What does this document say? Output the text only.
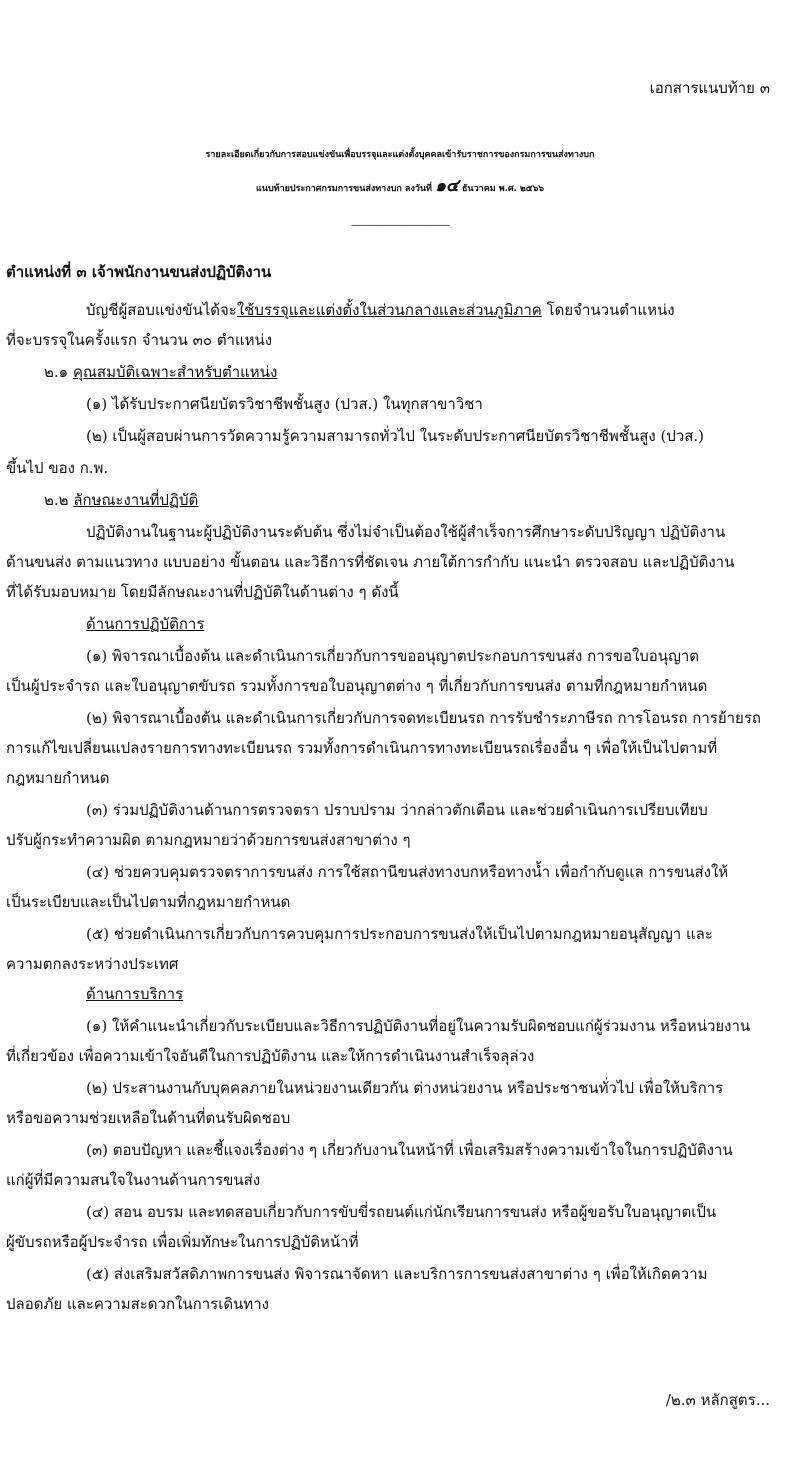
เอกสารแนบท้าย ๓
รายละเอียดเกี่ยวกับการสอบแข่งขันเพื่อบรรจุและแต่งตั้งบุคคลเข้ารับราชการของกรมการขนส่งทางบก
แนบท้ายประกาศกรมการขนส่งทางบก ลงวันที่ ๑๔ ธันวาคม พ.ศ. ๒๕๖๖
------------------------------------------------
ตำแหน่งที่ ๓ เจ้าพนักงานขนส่งปฏิบัติงาน
บัญชีผู้สอบแข่งขันได้จะใช้บรรจุและแต่งตั้งในส่วนกลางและส่วนภูมิภาค โดยจำนวนตำแหน่ง
ที่จะบรรจุในครั้งแรก จำนวน ๓๐ ตำแหน่ง
๒.๑ คุณสมบัติเฉพาะสำหรับตำแหน่ง
(๑) ได้รับประกาศนียบัตรวิชาชีพชั้นสูง (ปวส.) ในทุกสาขาวิชา
(๒) เป็นผู้สอบผ่านการวัดความรู้ความสามารถทั่วไป ในระดับประกาศนียบัตรวิชาชีพชั้นสูง (ปวส.)
ขึ้นไป ของ ก.พ.
๒.๒ ลักษณะงานที่ปฏิบัติ
ปฏิบัติงานในฐานะผู้ปฏิบัติงานระดับต้น ซึ่งไม่จำเป็นต้องใช้ผู้สำเร็จการศึกษาระดับปริญญา ปฏิบัติงาน
ด้านขนส่ง ตามแนวทาง แบบอย่าง ขั้นตอน และวิธีการที่ชัดเจน ภายใต้การกำกับ แนะนำ ตรวจสอบ และปฏิบัติงาน
ที่ได้รับมอบหมาย โดยมีลักษณะงานที่ปฏิบัติในด้านต่าง ๆ ดังนี้
ด้านการปฏิบัติการ
(๑) พิจารณาเบื้องต้น และดำเนินการเกี่ยวกับการขออนุญาตประกอบการขนส่ง การขอใบอนุญาต
เป็นผู้ประจำรถ และใบอนุญาตขับรถ รวมทั้งการขอใบอนุญาตต่าง ๆ ที่เกี่ยวกับการขนส่ง ตามที่กฎหมายกำหนด
(๒) พิจารณาเบื้องต้น และดำเนินการเกี่ยวกับการจดทะเบียนรถ การรับชำระภาษีรถ การโอนรถ การย้ายรถ
การแก้ไขเปลี่ยนแปลงรายการทางทะเบียนรถ รวมทั้งการดำเนินการทางทะเบียนรถเรื่องอื่น ๆ เพื่อให้เป็นไปตามที่
กฎหมายกำหนด
(๓) ร่วมปฏิบัติงานด้านการตรวจตรา ปราบปราม ว่ากล่าวตักเตือน และช่วยดำเนินการเปรียบเทียบ
ปรับผู้กระทำความผิด ตามกฎหมายว่าด้วยการขนส่งสาขาต่าง ๆ
(๔) ช่วยควบคุมตรวจตราการขนส่ง การใช้สถานีขนส่งทางบกหรือทางน้ำ เพื่อกำกับดูแล การขนส่งให้
เป็นระเบียบและเป็นไปตามที่กฎหมายกำหนด
(๕) ช่วยดำเนินการเกี่ยวกับการควบคุมการประกอบการขนส่งให้เป็นไปตามกฎหมายอนุสัญญา และ
ความตกลงระหว่างประเทศ
ด้านการบริการ
(๑) ให้คำแนะนำเกี่ยวกับระเบียบและวิธีการปฏิบัติงานที่อยู่ในความรับผิดชอบแก่ผู้ร่วมงาน หรือหน่วยงาน
ที่เกี่ยวข้อง เพื่อความเข้าใจอันดีในการปฏิบัติงาน และให้การดำเนินงานสำเร็จลุล่วง
(๒) ประสานงานกับบุคคลภายในหน่วยงานเดียวกัน ต่างหน่วยงาน หรือประชาชนทั่วไป เพื่อให้บริการ
หรือขอความช่วยเหลือในด้านที่ตนรับผิดชอบ
(๓) ตอบปัญหา และชี้แจงเรื่องต่าง ๆ เกี่ยวกับงานในหน้าที่ เพื่อเสริมสร้างความเข้าใจในการปฏิบัติงาน
แก่ผู้ที่มีความสนใจในงานด้านการขนส่ง
(๔) สอน อบรม และทดสอบเกี่ยวกับการขับขี่รถยนต์แก่นักเรียนการขนส่ง หรือผู้ขอรับใบอนุญาตเป็น
ผู้ขับรถหรือผู้ประจำรถ เพื่อเพิ่มทักษะในการปฏิบัติหน้าที่
(๕) ส่งเสริมสวัสดิภาพการขนส่ง พิจารณาจัดหา และบริการการขนส่งสาขาต่าง ๆ เพื่อให้เกิดความ
ปลอดภัย และความสะดวกในการเดินทาง
/๒.๓ หลักสูตร...
